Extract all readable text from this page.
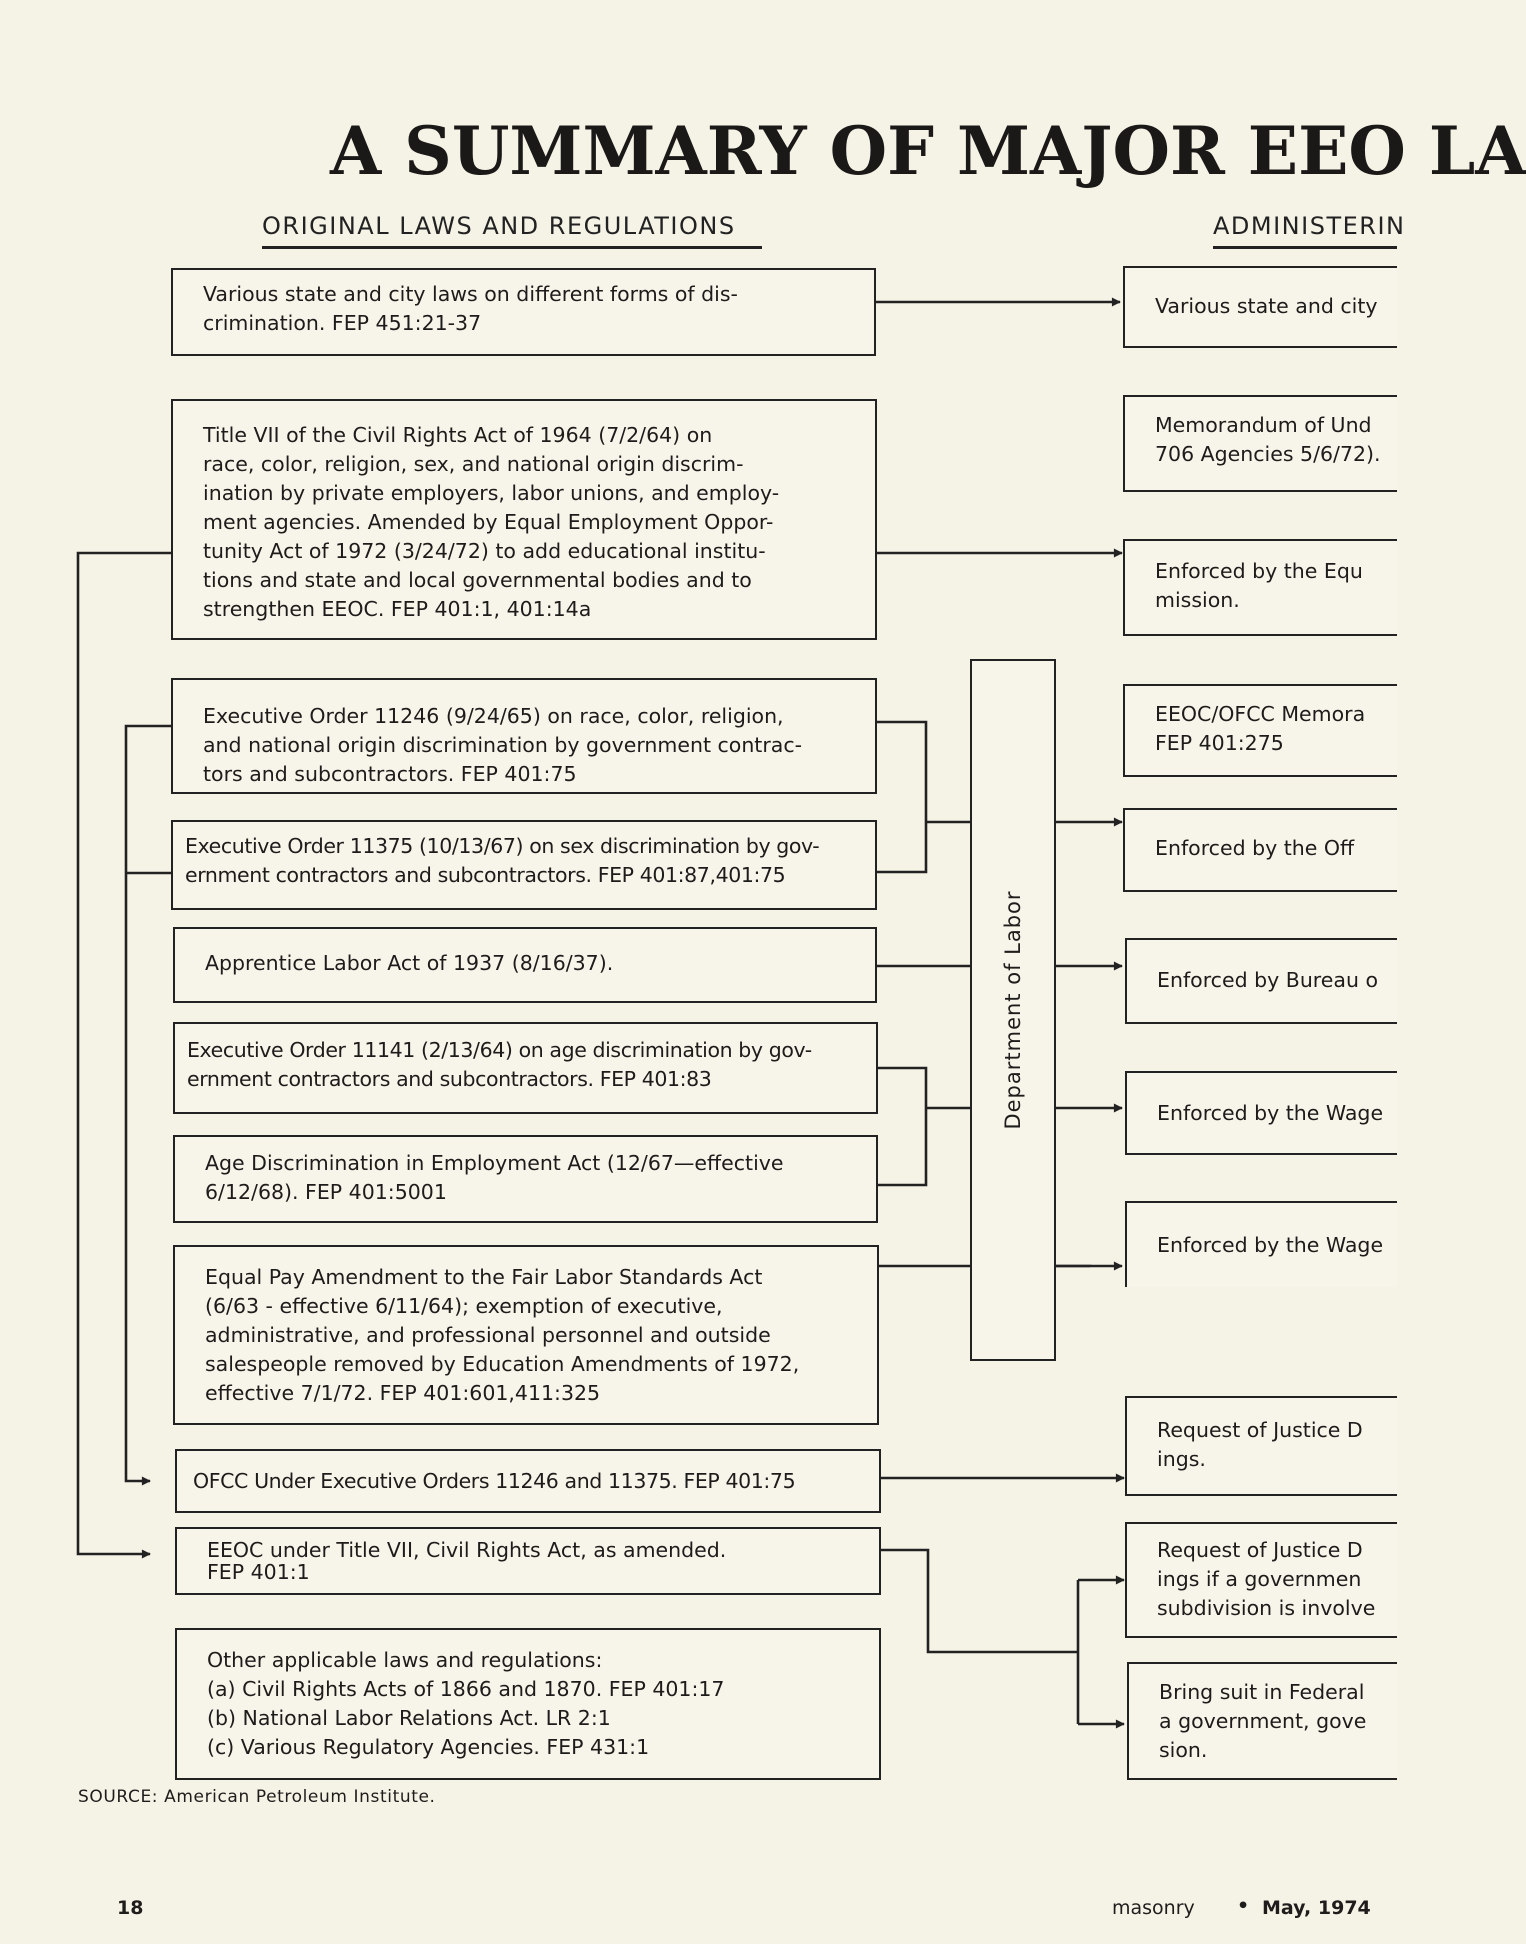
A SUMMARY OF MAJOR EEO LA
ORIGINAL LAWS AND REGULATIONS	ADMINISTERIN
Various state and city laws on different forms of dis-
crimination. FEP 451:21-37
Title VII of the Civil Rights Act of 1964 (7/2/64) on
race, color, religion, sex, and national origin discrim-
ination by private employers, labor unions, and employ-
ment agencies. Amended by Equal Employment Oppor-
tunity Act of 1972 (3/24/72) to add educational institu-
tions and state and local governmental bodies and to
strengthen EEOC. FEP 401:1, 401:14a
Executive Order 11246 (9/24/65) on race, color, religion,
and national origin discrimination by government contrac-
tors and subcontractors. FEP 401:75
Executive Order 11375 (10/13/67) on sex discrimination by gov-
ernment contractors and subcontractors. FEP 401:87,401:75
Apprentice Labor Act of 1937 (8/16/37).
Executive Order 11141 (2/13/64) on age discrimination by gov-
ernment contractors and subcontractors. FEP 401:83
Age Discrimination in Employment Act (12/67—effective
6/12/68). FEP 401:5001
Equal Pay Amendment to the Fair Labor Standards Act
(6/63 - effective 6/11/64); exemption of executive,
administrative, and professional personnel and outside
salespeople removed by Education Amendments of 1972,
effective 7/1/72. FEP 401:601,411:325
OFCC Under Executive Orders 11246 and 11375. FEP 401:75
EEOC under Title VII, Civil Rights Act, as amended.
FEP 401:1
Other applicable laws and regulations:
(a) Civil Rights Acts of 1866 and 1870. FEP 401:17
(b) National Labor Relations Act. LR 2:1
(c) Various Regulatory Agencies. FEP 431:1
Department of Labor
Various state and city
Memorandum of Und
706 Agencies 5/6/72).
Enforced by the Equ
mission.
EEOC/OFCC Memora
FEP 401:275
Enforced by the Off
Enforced by Bureau o
Enforced by the Wage
Enforced by the Wage
Request of Justice D
ings.
Request of Justice D
ings if a governmen
subdivision is involve
Bring suit in Federal
a government, gove
sion.
SOURCE: American Petroleum Institute.
18	masonry • May, 1974
